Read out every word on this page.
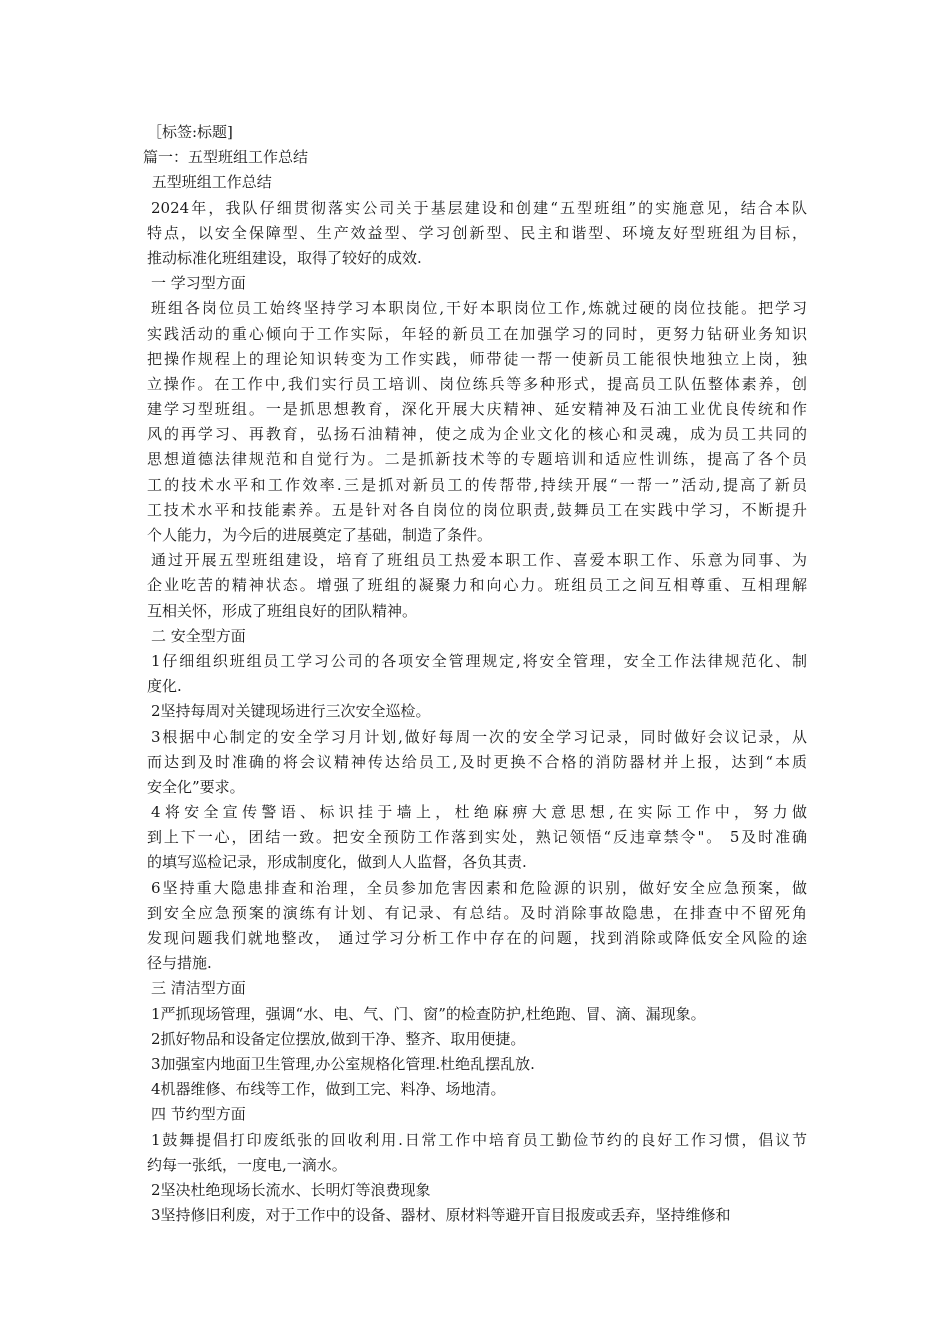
［标签:标题]
篇一：五型班组工作总结
五型班组工作总结
2024年，我队仔细贯彻落实公司关于基层建设和创建“五型班组”的实施意见，结合本队
特点，以安全保障型、生产效益型、学习创新型、民主和谐型、环境友好型班组为目标，
推动标准化班组建设，取得了较好的成效.
一 学习型方面
班组各岗位员工始终坚持学习本职岗位,干好本职岗位工作,炼就过硬的岗位技能。把学习
实践活动的重心倾向于工作实际，年轻的新员工在加强学习的同时，更努力钻研业务知识
把操作规程上的理论知识转变为工作实践，师带徒一帮一使新员工能很快地独立上岗，独
立操作。在工作中,我们实行员工培训、岗位练兵等多种形式，提高员工队伍整体素养，创
建学习型班组。一是抓思想教育，深化开展大庆精神、延安精神及石油工业优良传统和作
风的再学习、再教育，弘扬石油精神，使之成为企业文化的核心和灵魂，成为员工共同的
思想道德法律规范和自觉行为。二是抓新技术等的专题培训和适应性训练，提高了各个员
工的技术水平和工作效率.三是抓对新员工的传帮带,持续开展“一帮一”活动,提高了新员
工技术水平和技能素养。五是针对各自岗位的岗位职责,鼓舞员工在实践中学习，不断提升
个人能力，为今后的进展奠定了基础，制造了条件。
通过开展五型班组建设，培育了班组员工热爱本职工作、喜爱本职工作、乐意为同事、为
企业吃苦的精神状态。增强了班组的凝聚力和向心力。班组员工之间互相尊重、互相理解
互相关怀，形成了班组良好的团队精神。
二 安全型方面
1仔细组织班组员工学习公司的各项安全管理规定,将安全管理，安全工作法律规范化、制
度化.
2坚持每周对关键现场进行三次安全巡检。
3根据中心制定的安全学习月计划,做好每周一次的安全学习记录，同时做好会议记录，从
而达到及时准确的将会议精神传达给员工,及时更换不合格的消防器材并上报，达到“本质
安全化”要求。
4将安全宣传警语、标识挂于墙上，杜绝麻痹大意思想,在实际工作中，努力做
到上下一心，团结一致。把安全预防工作落到实处，熟记领悟“反违章禁令"。 5及时准确
的填写巡检记录，形成制度化，做到人人监督，各负其责.
6坚持重大隐患排查和治理，全员参加危害因素和危险源的识别，做好安全应急预案，做
到安全应急预案的演练有计划、有记录、有总结。及时消除事故隐患，在排查中不留死角
发现问题我们就地整改， 通过学习分析工作中存在的问题，找到消除或降低安全风险的途
径与措施.
三 清洁型方面
1严抓现场管理，强调“水、电、气、门、窗”的检查防护,杜绝跑、冒、滴、漏现象。
2抓好物品和设备定位摆放,做到干净、整齐、取用便捷。
3加强室内地面卫生管理,办公室规格化管理.杜绝乱摆乱放.
4机器维修、布线等工作，做到工完、料净、场地清。
四 节约型方面
1鼓舞提倡打印废纸张的回收利用.日常工作中培育员工勤俭节约的良好工作习惯，倡议节
约每一张纸，一度电,一滴水。
2坚决杜绝现场长流水、长明灯等浪费现象
3坚持修旧利废，对于工作中的设备、器材、原材料等避开盲目报废或丢弃，坚持维修和
